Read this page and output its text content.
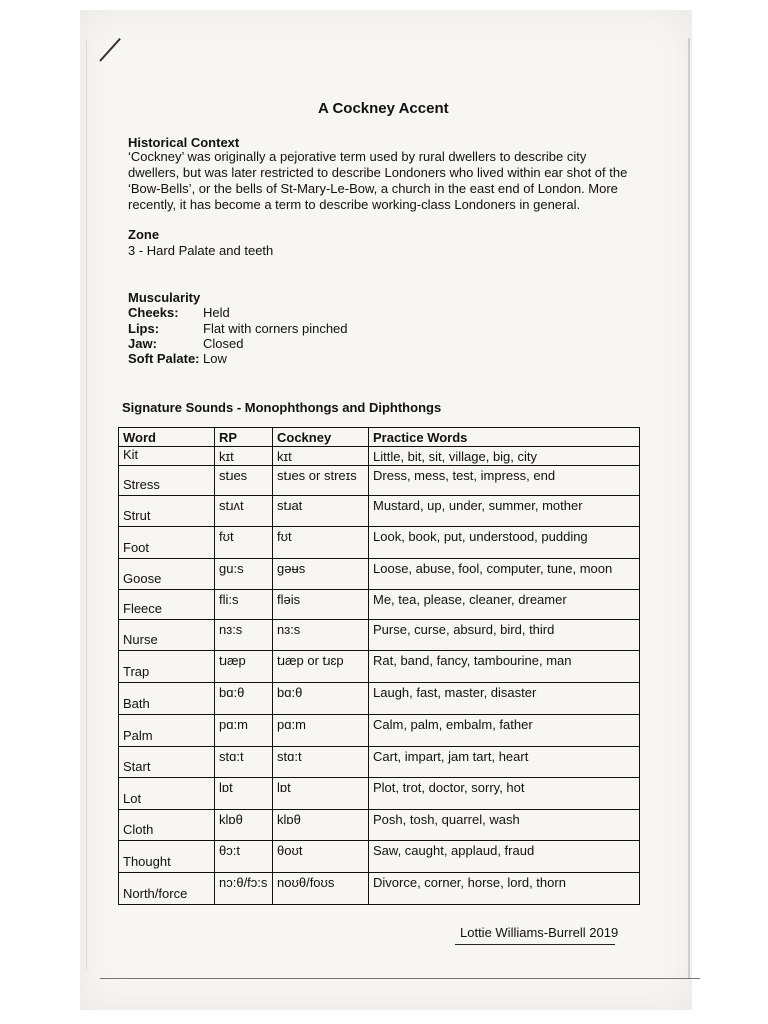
A Cockney Accent
Historical Context
‘Cockney’ was originally a pejorative term used by rural dwellers to describe city dwellers, but was later restricted to describe Londoners who lived within ear shot of the ‘Bow-Bells’, or the bells of St-Mary-Le-Bow, a church in the east end of London. More recently, it has become a term to describe working-class Londoners in general.
Zone
3 - Hard Palate and teeth
Muscularity
Cheeks: Held
Lips:	Flat with corners pinched
Jaw:	Closed
Soft Palate: Low
Signature Sounds - Monophthongs and Diphthongs
Word	RP	Cockney	Practice Words
Kit	kɪt	kɪt	Little, bit, sit, village, big, city
Stress	stɹes	stɹes or streɪs	Dress, mess, test, impress, end
Strut	stɹʌt	stɹat	Mustard, up, under, summer, mother
Foot	fʊt	fʊt	Look, book, put, understood, pudding
Goose	gu:s	gəʉs	Loose, abuse, fool, computer, tune, moon
Fleece	fli:s	fləis	Me, tea, please, cleaner, dreamer
Nurse	nɜ:s	nɜ:s	Purse, curse, absurd, bird, third
Trap	tɹæp	tɹæp or tɹɛp	Rat, band, fancy, tambourine, man
Bath	bɑ:θ	bɑ:θ	Laugh, fast, master, disaster
Palm	pɑ:m	pɑ:m	Calm, palm, embalm, father
Start	stɑ:t	stɑ:t	Cart, impart, jam tart, heart
Lot	lɒt	lɒt	Plot, trot, doctor, sorry, hot
Cloth	klɒθ	klɒθ	Posh, tosh, quarrel, wash
Thought	θɔ:t	θoʊt	Saw, caught, applaud, fraud
North/force	nɔ:θ/fɔ:s	noʊθ/foʊs	Divorce, corner, horse, lord, thorn
Lottie Williams-Burrell 2019
